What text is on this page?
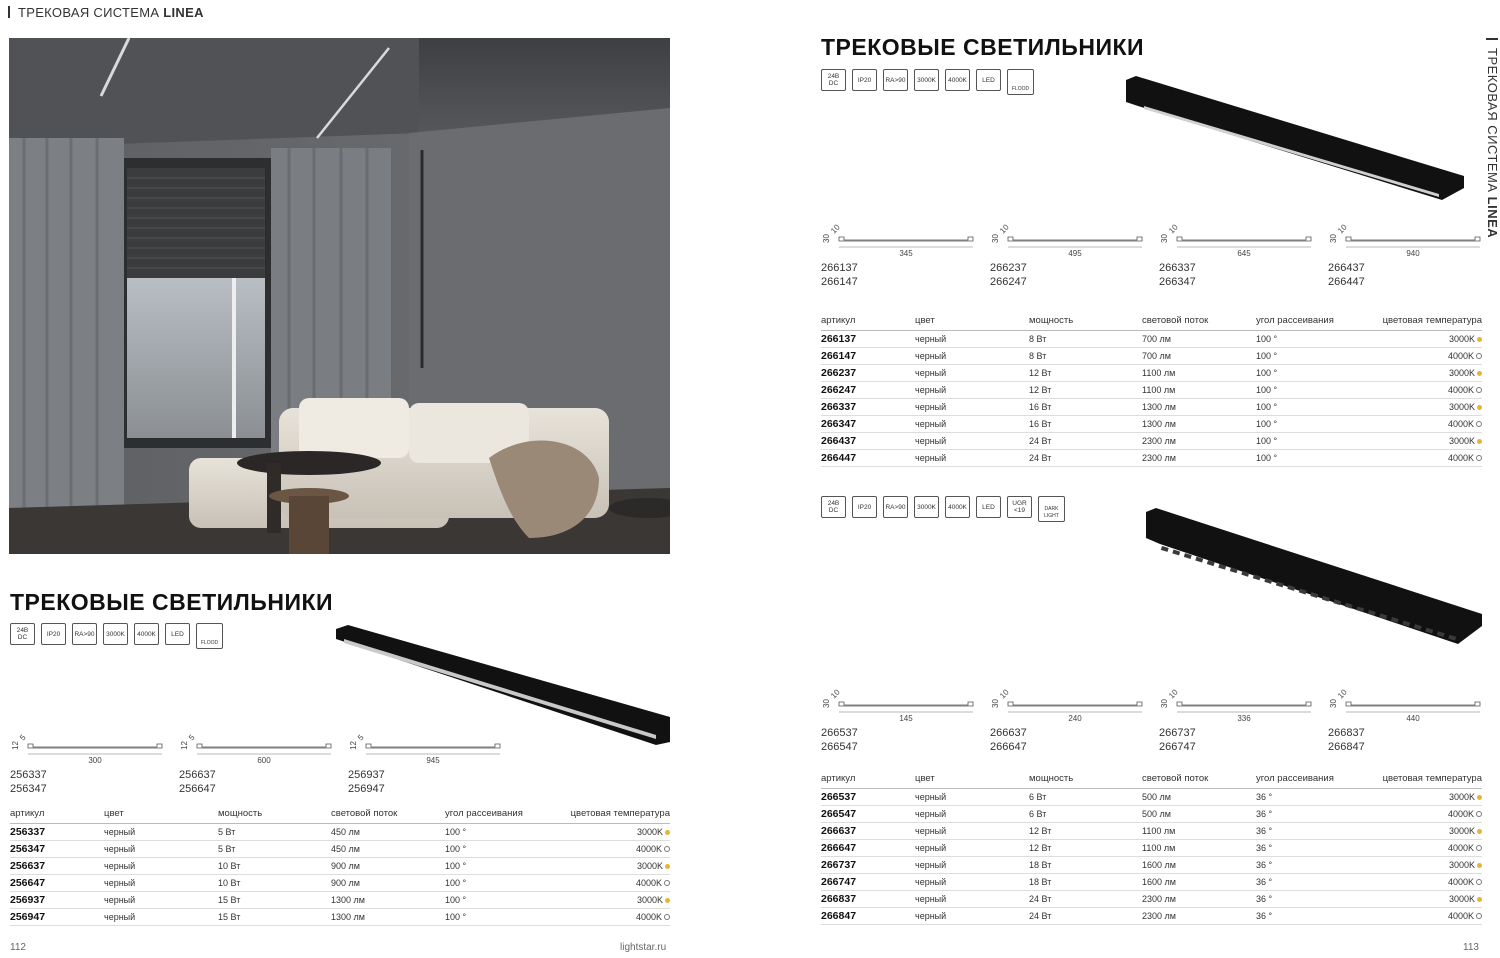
ТРЕКОВАЯ СИСТЕМА LINEA
ТРЕКОВАЯ СИСТЕМА LINEA
ТРЕКОВЫЕ СВЕТИЛЬНИКИ
24В
DC	IP20 RA>90 3000K 4000K LED
FLOOD
300
12
5
256337
256347
600
12
5
256637
256647
945
12
5
256937
256947
артикул	цвет	мощность	световой поток	угол рассеивания	цветовая температура
256337	черный	5 Вт	450 лм	100 °	3000K
256347	черный	5 Вт	450 лм	100 °	4000K
256637	черный	10 Вт	900 лм	100 °	3000K
256647	черный	10 Вт	900 лм	100 °	4000K
256937	черный	15 Вт	1300 лм	100 °	3000K
256947	черный	15 Вт	1300 лм	100 °	4000K
112	lightstar.ru
ТРЕКОВЫЕ СВЕТИЛЬНИКИ
24В
DC	IP20 RA>90 3000K 4000K LED
FLOOD
345
30
10
266137
266147
495
30
10
266237
266247
645
30
10
266337
266347
940
30
10
266437
266447
артикул	цвет	мощность	световой поток	угол рассеивания	цветовая температура
266137	черный	8 Вт	700 лм	100 °	3000K
266147	черный	8 Вт	700 лм	100 °	4000K
266237	черный	12 Вт	1100 лм	100 °	3000K
266247	черный	12 Вт	1100 лм	100 °	4000K
266337	черный	16 Вт	1300 лм	100 °	3000K
266347	черный	16 Вт	1300 лм	100 °	4000K
266437	черный	24 Вт	2300 лм	100 °	3000K
266447	черный	24 Вт	2300 лм	100 °	4000K
24В
DC	IP20 RA>90 3000K 4000K LED	UGR
<19	DARK
LIGHT
145
30
10
266537
266547
240
30
10
266637
266647
336
30
10
266737
266747
440
30
10
266837
266847
артикул	цвет	мощность	световой поток	угол рассеивания	цветовая температура
266537	черный	6 Вт	500 лм	36 °	3000K
266547	черный	6 Вт	500 лм	36 °	4000K
266637	черный	12 Вт	1100 лм	36 °	3000K
266647	черный	12 Вт	1100 лм	36 °	4000K
266737	черный	18 Вт	1600 лм	36 °	3000K
266747	черный	18 Вт	1600 лм	36 °	4000K
266837	черный	24 Вт	2300 лм	36 °	3000K
266847	черный	24 Вт	2300 лм	36 °	4000K
113
